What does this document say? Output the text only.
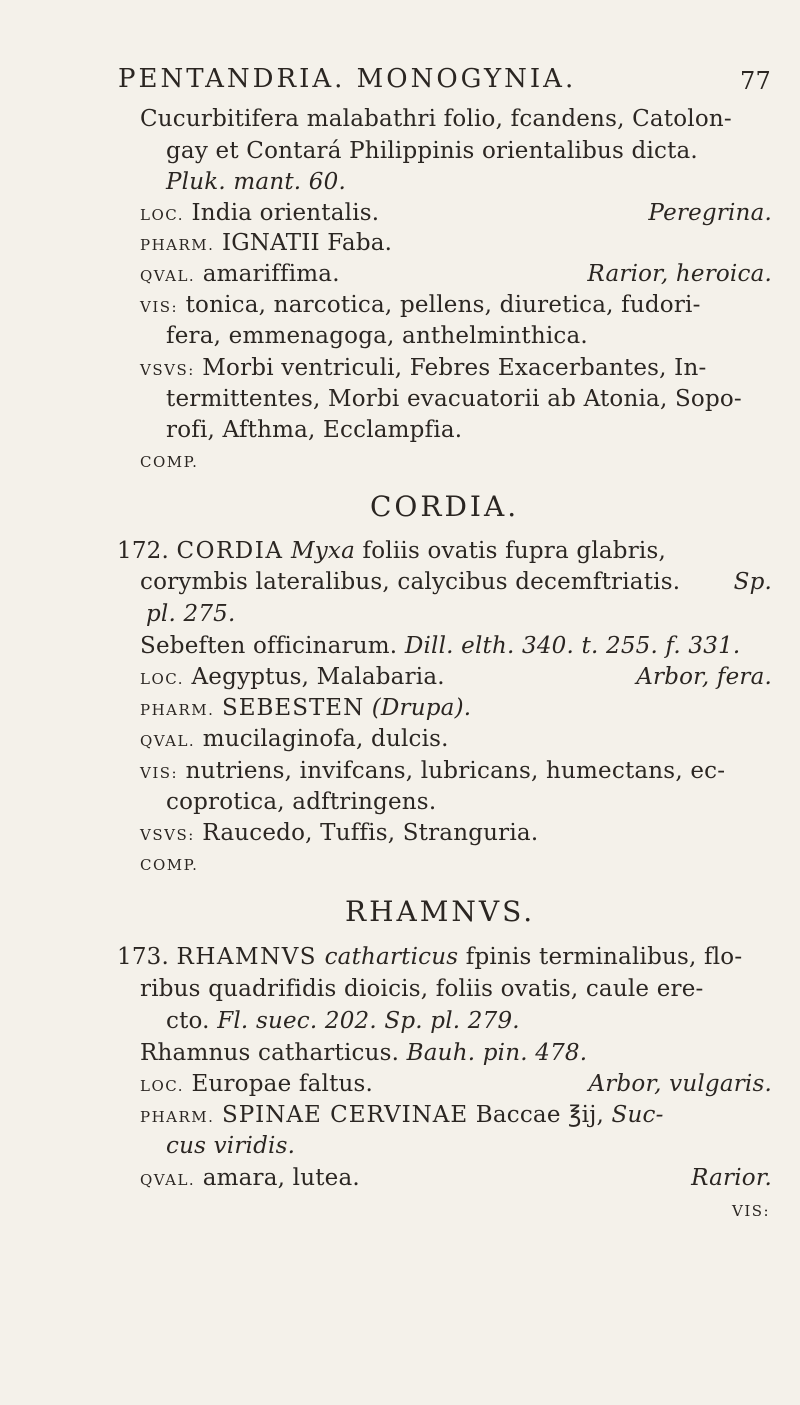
PENTANDRIA. MONOGYNIA.	77
Cucurbitifera malabathri folio, fcandens, Catolon-
gay et Contará Philippinis orientalibus dicta.
Pluk. mant. 60.
LOC. India orientalis.	Peregrina.
PHARM. IGNATII Faba.
QVAL. amariffima.	Rarior, heroica.
VIS: tonica, narcotica, pellens, diuretica, fudori-
fera, emmenagoga, anthelminthica.
VSVS: Morbi ventriculi, Febres Exacerbantes, In-
termittentes, Morbi evacuatorii ab Atonia, Sopo-
rofi, Afthma, Ecclampfia.
COMP.
CORDIA.
172. CORDIA Myxa foliis ovatis fupra glabris,
corymbis lateralibus, calycibus decemftriatis. Sp.
pl. 275.
Sebeften officinarum. Dill. elth. 340. t. 255. f. 331.
LOC. Aegyptus, Malabaria.	Arbor, fera.
PHARM. SEBESTEN (Drupa).
QVAL. mucilaginofa, dulcis.
VIS: nutriens, invifcans, lubricans, humectans, ec-
coprotica, adftringens.
VSVS: Raucedo, Tuffis, Stranguria.
COMP.
RHAMNVS.
173. RHAMNVS catharticus fpinis terminalibus, flo-
ribus quadrifidis dioicis, foliis ovatis, caule ere-
cto. Fl. suec. 202. Sp. pl. 279.
Rhamnus catharticus. Bauh. pin. 478.
LOC. Europae faltus.	Arbor, vulgaris.
PHARM. SPINAE CERVINAE Baccae ℥ij, Suc-
cus viridis.
QVAL. amara, lutea.	Rarior.
VIS:
